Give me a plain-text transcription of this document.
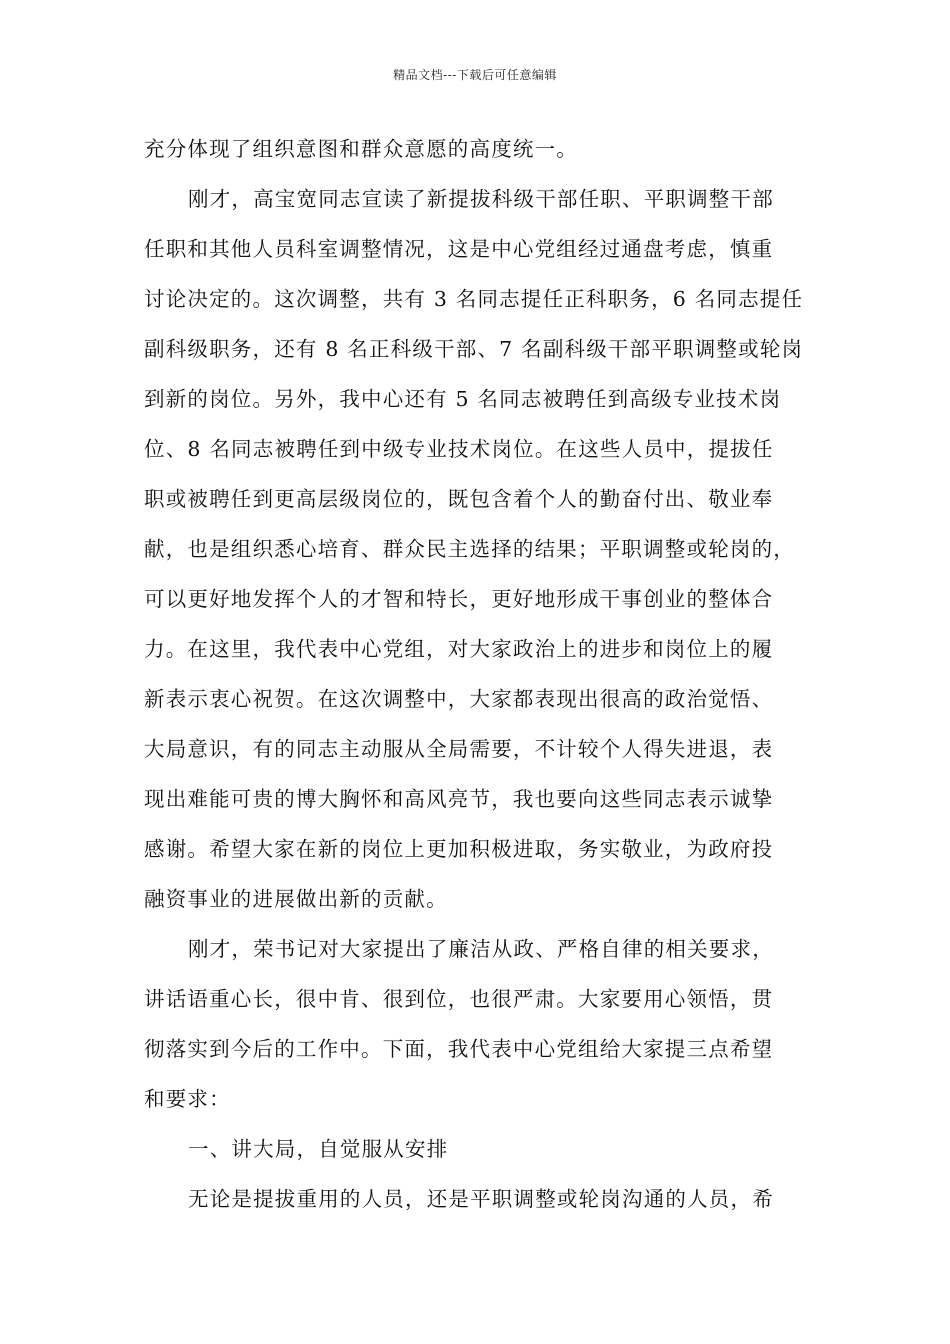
精品文档---下载后可任意编辑
充分体现了组织意图和群众意愿的高度统一。
刚才，高宝宽同志宣读了新提拔科级干部任职、平职调整干部
任职和其他人员科室调整情况，这是中心党组经过通盘考虑，慎重
讨论决定的。这次调整，共有 3 名同志提任正科职务，6 名同志提任
副科级职务，还有 8 名正科级干部、7 名副科级干部平职调整或轮岗
到新的岗位。另外，我中心还有 5 名同志被聘任到高级专业技术岗
位、8 名同志被聘任到中级专业技术岗位。在这些人员中，提拔任
职或被聘任到更高层级岗位的，既包含着个人的勤奋付出、敬业奉
献，也是组织悉心培育、群众民主选择的结果；平职调整或轮岗的，
可以更好地发挥个人的才智和特长，更好地形成干事创业的整体合
力。在这里，我代表中心党组，对大家政治上的进步和岗位上的履
新表示衷心祝贺。在这次调整中，大家都表现出很高的政治觉悟、
大局意识，有的同志主动服从全局需要，不计较个人得失进退，表
现出难能可贵的博大胸怀和高风亮节，我也要向这些同志表示诚挚
感谢。希望大家在新的岗位上更加积极进取，务实敬业，为政府投
融资事业的进展做出新的贡献。
刚才，荣书记对大家提出了廉洁从政、严格自律的相关要求，
讲话语重心长，很中肯、很到位，也很严肃。大家要用心领悟，贯
彻落实到今后的工作中。下面，我代表中心党组给大家提三点希望
和要求：
一、讲大局，自觉服从安排
无论是提拔重用的人员，还是平职调整或轮岗沟通的人员，希
